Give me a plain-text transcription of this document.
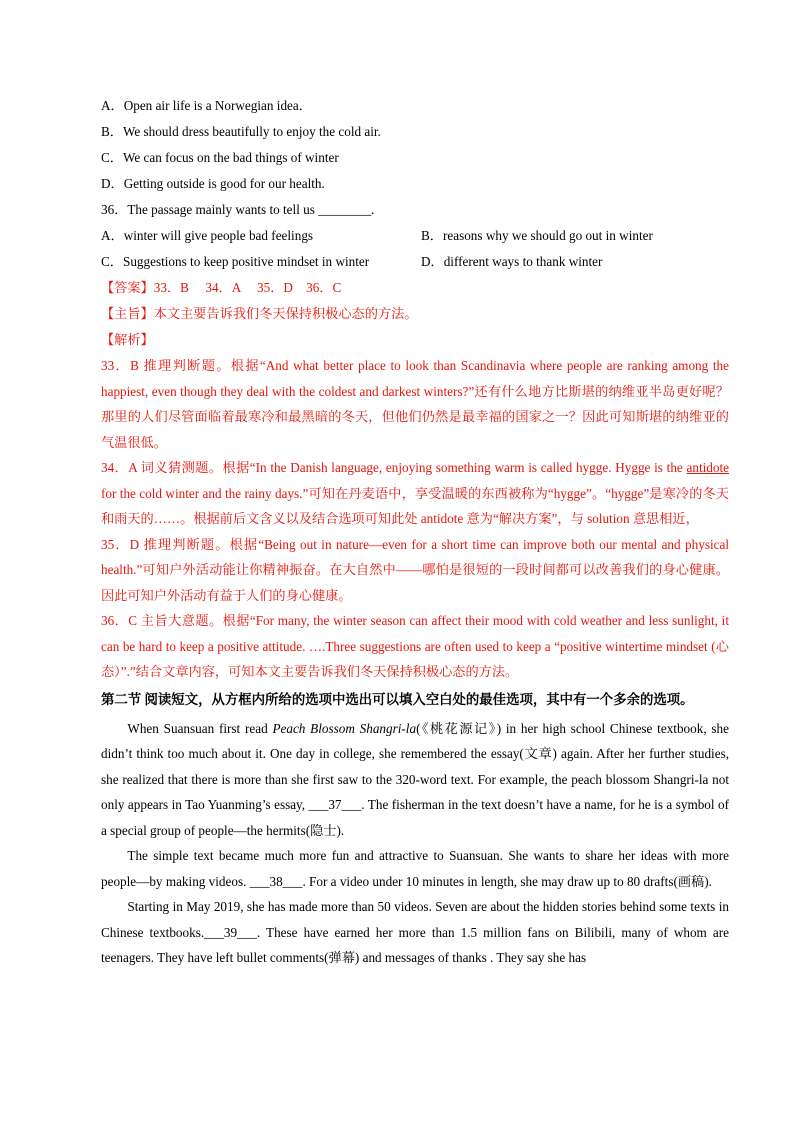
A．Open air life is a Norwegian idea．
B．We should dress beautifully to enjoy the cold air.
C．We can focus on the bad things of winter
D．Getting outside is good for our health.
36．The passage mainly wants to tell us ________.
A．winter will give people bad feelings	B．reasons why we should go out in winter
C．Suggestions to keep positive mindset in winter	D．different ways to thank winter
【答案】33．B　 34．A　 35．D　36．C
【主旨】本文主要告诉我们冬天保持积极心态的方法。
【解析】
33．B 推理判断题。根据“And what better place to look than Scandinavia where people are ranking among the happiest, even though they deal with the coldest and darkest winters?”还有什么地方比斯堪的纳维亚半岛更好呢？那里的人们尽管面临着最寒冷和最黑暗的冬天，但他们仍然是最幸福的国家之一？因此可知斯堪的纳维亚的气温很低。
34．A 词义猜测题。根据“In the Danish language, enjoying something warm is called hygge. Hygge is the antidote for the cold winter and the rainy days.”可知在丹麦语中，享受温暖的东西被称为“hygge”。“hygge”是寒冷的冬天和雨天的……。根据前后文含义以及结合选项可知此处 antidote 意为“解决方案”，与 solution 意思相近，
35．D 推理判断题。根据“Being out in nature—even for a short time can improve both our mental and physical health.”可知户外活动能让你精神振奋。在大自然中——哪怕是很短的一段时间都可以改善我们的身心健康。因此可知户外活动有益于人们的身心健康。
36．C 主旨大意题。根据“For many, the winter season can affect their mood with cold weather and less sunlight, it can be hard to keep a positive attitude. ….Three suggestions are often used to keep a “positive wintertime mindset (心态）”.”结合文章内容，可知本文主要告诉我们冬天保持积极心态的方法。
第二节 阅读短文，从方框内所给的选项中选出可以填入空白处的最佳选项，其中有一个多余的选项。
When Suansuan first read Peach Blossom Shangri-la(《桃花源记》) in her high school Chinese textbook, she didn’t think too much about it. One day in college, she remembered the essay(文章) again. After her further studies, she realized that there is more than she first saw to the 320-word text. For example, the peach blossom Shangri-la not only appears in Tao Yuanming’s essay, ___37___. The fisherman in the text doesn’t have a name, for he is a symbol of a special group of people—the hermits(隐士).
The simple text became much more fun and attractive to Suansuan. She wants to share her ideas with more people—by making videos. ___38___. For a video under 10 minutes in length, she may draw up to 80 drafts(画稿).
Starting in May 2019, she has made more than 50 videos. Seven are about the hidden stories behind some texts in Chinese textbooks.___39___. These have earned her more than 1.5 million fans on Bilibili, many of whom are teenagers. They have left bullet comments(弹幕) and messages of thanks . They say she has
